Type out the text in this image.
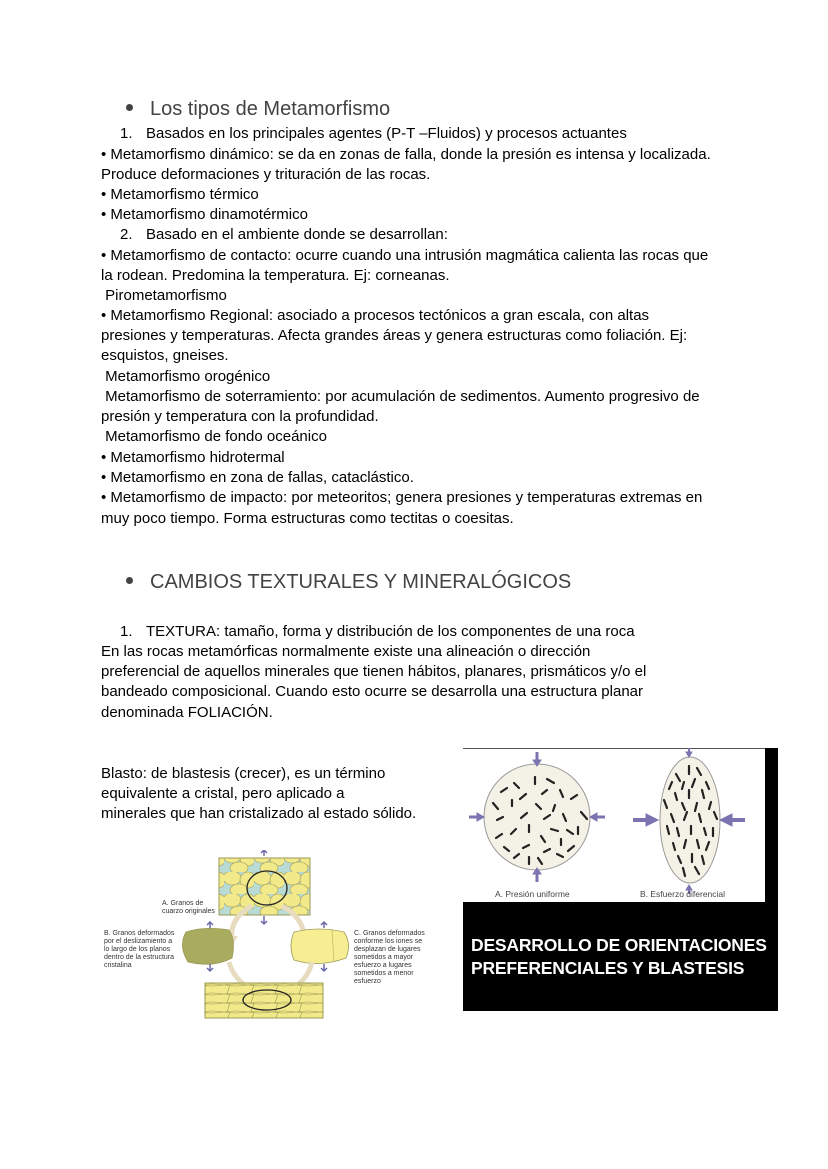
Los tipos de Metamorfismo
1. Basados en los principales agentes (P-T –Fluidos) y procesos actuantes
• Metamorfismo dinámico: se da en zonas de falla, donde la presión es intensa y localizada.
Produce deformaciones y trituración de las rocas.
• Metamorfismo térmico
• Metamorfismo dinamotérmico
2. Basado en el ambiente donde se desarrollan:
• Metamorfismo de contacto: ocurre cuando una intrusión magmática calienta las rocas que
la rodean. Predomina la temperatura. Ej: corneanas.
Pirometamorfismo
• Metamorfismo Regional: asociado a procesos tectónicos a gran escala, con altas
presiones y temperaturas. Afecta grandes áreas y genera estructuras como foliación. Ej:
esquistos, gneises.
Metamorfismo orogénico
Metamorfismo de soterramiento: por acumulación de sedimentos. Aumento progresivo de
presión y temperatura con la profundidad.
Metamorfismo de fondo oceánico
• Metamorfismo hidrotermal
• Metamorfismo en zona de fallas, cataclástico.
• Metamorfismo de impacto: por meteoritos; genera presiones y temperaturas extremas en
muy poco tiempo. Forma estructuras como tectitas o coesitas.
CAMBIOS TEXTURALES Y MINERALÓGICOS
1. TEXTURA: tamaño, forma y distribución de los componentes de una roca
En las rocas metamórficas normalmente existe una alineación o dirección
preferencial de aquellos minerales que tienen hábitos, planares, prismáticos y/o el
bandeado composicional. Cuando esto ocurre se desarrolla una estructura planar
denominada FOLIACIÓN.
Blasto: de blastesis (crecer), es un término
equivalente a cristal, pero aplicado a
minerales que han cristalizado al estado sólido.
A. Granos de cuarzo originales
B. Granos deformados por el deslizamiento a lo largo de los planos dentro de la estructura cristalina
C. Granos deformados conforme los iones se desplazan de lugares sometidos a mayor esfuerzo a lugares sometidos a menor esfuerzo
A. Presión uniforme	B. Esfuerzo diferencial
DESARROLLO DE ORIENTACIONES
PREFERENCIALES Y BLASTESIS
